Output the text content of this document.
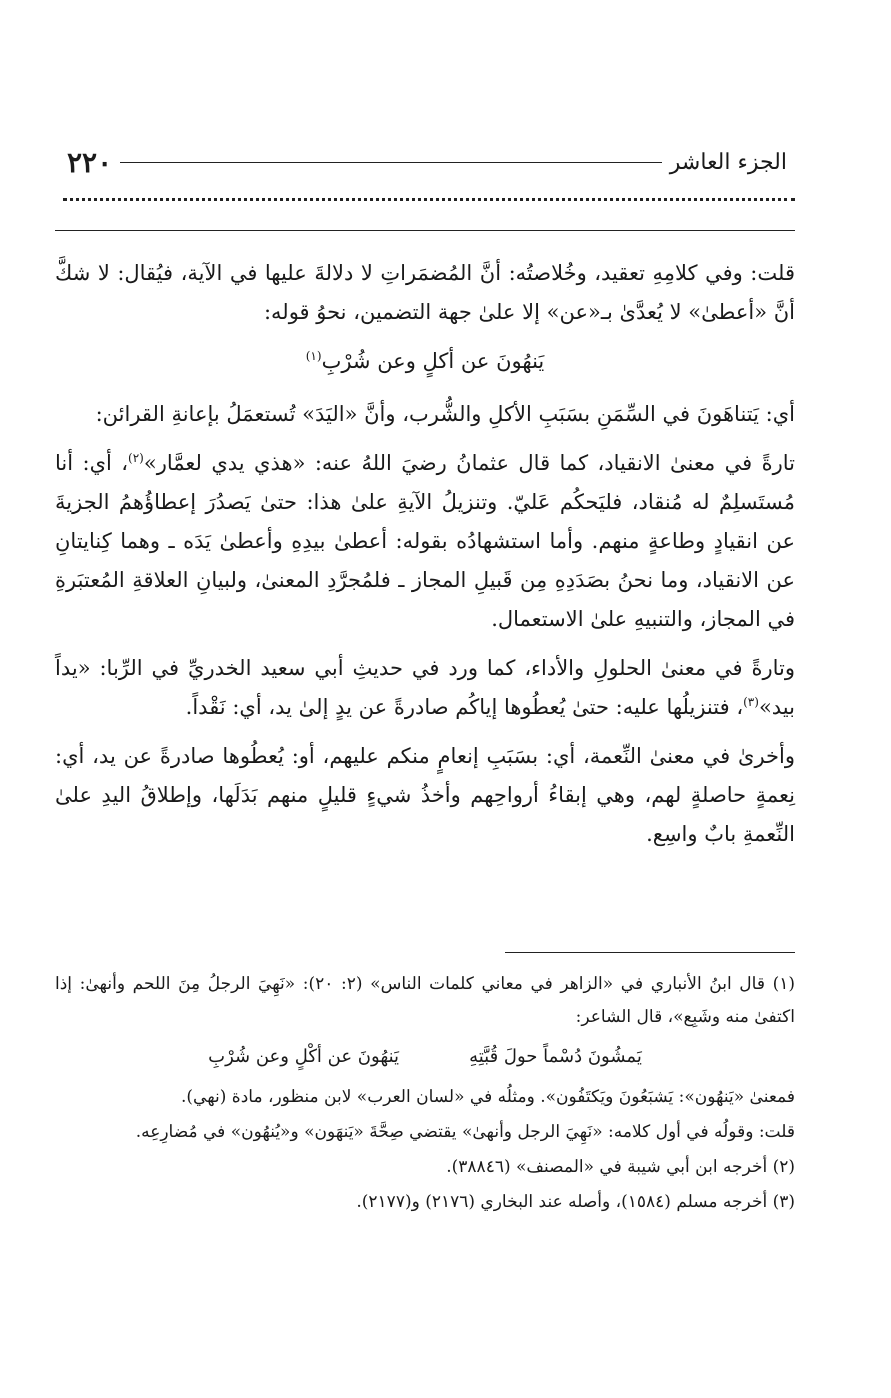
٢٢٠	الجزء العاشر

قلت: وفي كلامِهِ تعقيد، وخُلاصتُه: أنَّ المُضمَراتِ لا دلالةَ عليها في الآية، فيُقال: لا شكَّ أنَّ «أعطىٰ» لا يُعدَّىٰ بـ«عن» إلا علىٰ جهة التضمين، نحوُ قوله:

يَنهُونَ عن أكلٍ وعن شُرْبِ$^{(١)}$

أي: يَتناهَونَ في السِّمَنِ بسَبَبِ الأكلِ والشُّرب، وأنَّ «اليَدَ» تُستعمَلُ بإعانةِ القرائن:

تارةً في معنىٰ الانقياد، كما قال عثمانُ رضيَ اللهُ عنه: «هذي يدي لعمَّار»$^{(٢)}$، أي: أنا مُستَسلِمٌ له مُنقاد، فليَحكُم عَليّ. وتنزيلُ الآيةِ علىٰ هذا: حتىٰ يَصدُرَ إعطاؤُهمُ الجزيةَ عن انقيادٍ وطاعةٍ منهم. وأما استشهادُه بقوله: أعطىٰ بيدِهِ وأعطىٰ يَدَه ـ وهما كِنايتانِ عن الانقياد، وما نحنُ بصَدَدِهِ مِن قَبيلِ المجاز ـ فلمُجرَّدِ المعنىٰ، ولبيانِ العلاقةِ المُعتبَرةِ في المجاز، والتنبيهِ علىٰ الاستعمال.

وتارةً في معنىٰ الحلولِ والأداء، كما ورد في حديثِ أبي سعيد الخدريِّ في الرِّبا: «يداً بيد»$^{(٣)}$، فتنزيلُها عليه: حتىٰ يُعطُوها إياكُم صادرةً عن يدٍ إلىٰ يد، أي: نَقْداً.

وأخرىٰ في معنىٰ النِّعمة، أي: بسَبَبِ إنعامٍ منكم عليهم، أو: يُعطُوها صادرةً عن يد، أي: نِعمةٍ حاصلةٍ لهم، وهي إبقاءُ أرواحِهم وأخذُ شيءٍ قليلٍ منهم بَدَلَها، وإطلاقُ اليدِ علىٰ النِّعمةِ بابٌ واسِع.

(١) قال ابنُ الأنباري في «الزاهر في معاني كلمات الناس» (٢: ٢٠): «نَهِيَ الرجلُ مِنَ اللحم وأنهىٰ: إذا اكتفىٰ منه وشَبِع»، قال الشاعر:

يَمشُونَ دُسْماً حولَ قُبَّتِهِ
يَنهُونَ عن أكْلٍ وعن شُرْبِ

فمعنىٰ «يَنهُون»: يَشبَعُونَ ويَكتَفُون». ومثلُه في «لسان العرب» لابن منظور، مادة (نهي).

قلت: وقولُه في أول كلامه: «نَهِيَ الرجل وأنهىٰ» يقتضي صِحَّةَ «يَنهَون» و«يُنهُون» في مُضارِعِه.

(٢) أخرجه ابن أبي شيبة في «المصنف» (٣٨٨٤٦).

(٣) أخرجه مسلم (١٥٨٤)، وأصله عند البخاري (٢١٧٦) و(٢١٧٧).
